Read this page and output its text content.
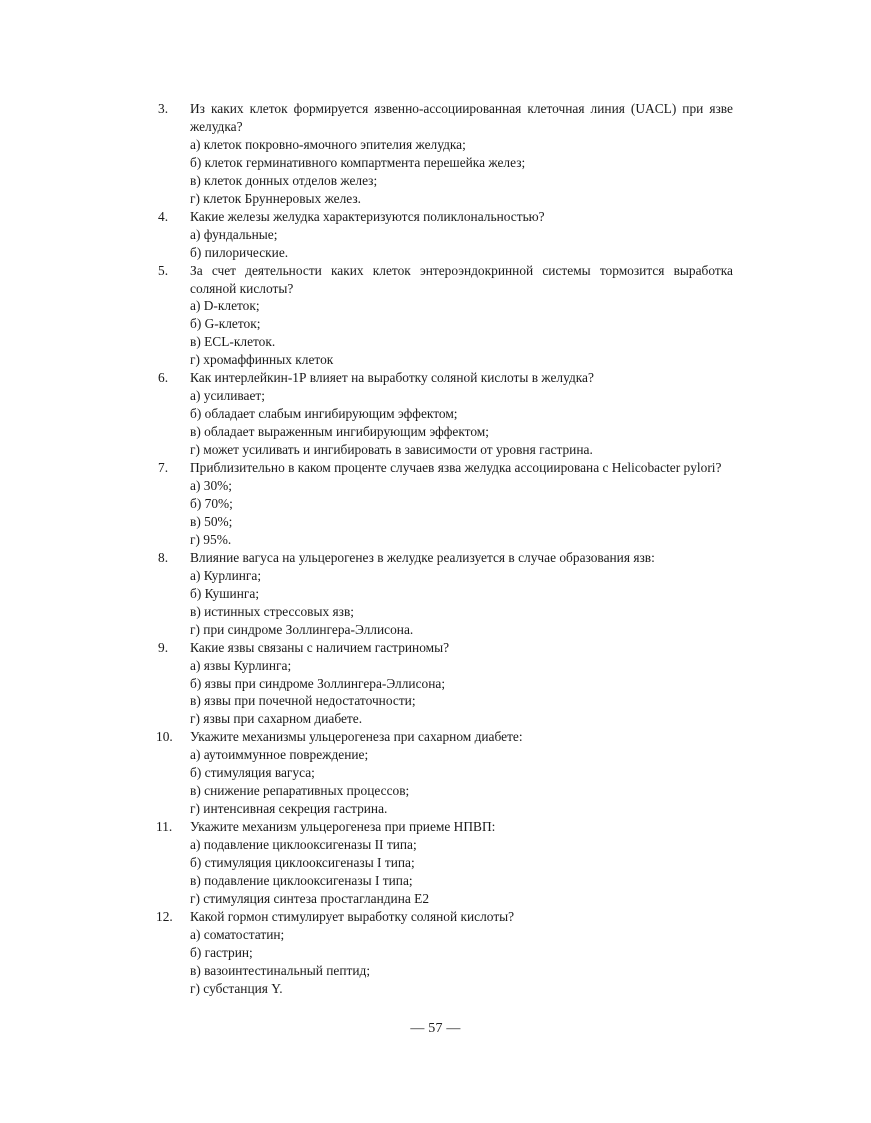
3.	Из каких клеток формируется язвенно-ассоциированная клеточная линия (UACL) при язве желудка?
а) клеток покровно-ямочного эпителия желудка;
б) клеток герминативного компартмента перешейка желез;
в) клеток донных отделов желез;
г) клеток Бруннеровых желез.
4.	Какие железы желудка характеризуются поликлональностью?
а) фундальные;
б) пилорические.
5.	За счет деятельности каких клеток энтероэндокринной системы тормозится выработка соляной кислоты?
а) D-клеток;
б) G-клеток;
в) ECL-клеток.
г) хромаффинных клеток
6.	Как интерлейкин-1Р влияет на выработку соляной кислоты в желудка?
а) усиливает;
б) обладает слабым ингибирующим эффектом;
в) обладает выраженным ингибирующим эффектом;
г) может усиливать и ингибировать в зависимости от уровня гастрина.
7.	Приблизительно в каком проценте случаев язва желудка ассоциирована с Helicobacter pylori?
а) 30%;
б) 70%;
в) 50%;
г) 95%.
8.	Влияние вагуса на ульцерогенез в желудке реализуется в случае образования язв:
а) Курлинга;
б) Кушинга;
в) истинных стрессовых язв;
г) при синдроме Золлингера-Эллисона.
9.	Какие язвы связаны с наличием гастриномы?
а) язвы Курлинга;
б) язвы при синдроме Золлингера-Эллисона;
в) язвы при почечной недостаточности;
г) язвы при сахарном диабете.
10.	Укажите механизмы ульцерогенеза при сахарном диабете:
а) аутоиммунное повреждение;
б) стимуляция вагуса;
в) снижение репаративных процессов;
г) интенсивная секреция гастрина.
11.	Укажите механизм ульцерогенеза при приеме НПВП:
а) подавление циклооксигеназы II типа;
б) стимуляция циклооксигеназы I типа;
в) подавление циклооксигеназы I типа;
г) стимуляция синтеза простагландина Е2
12.	Какой гормон стимулирует выработку соляной кислоты?
а) соматостатин;
б) гастрин;
в) вазоинтестинальный пептид;
г) субстанция Y.
— 57 —
